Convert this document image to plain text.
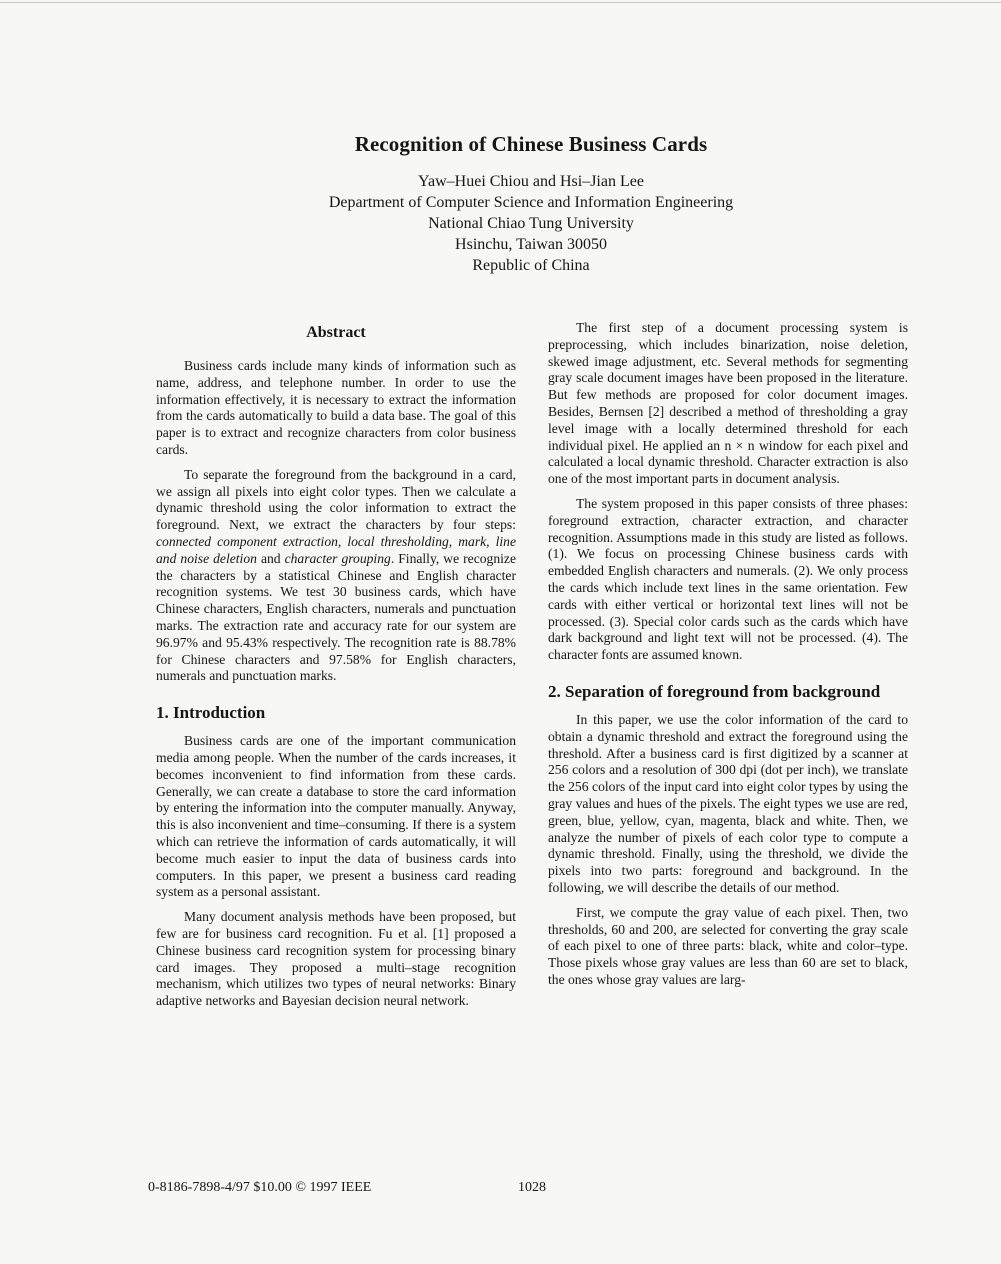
Recognition of Chinese Business Cards
Yaw–Huei Chiou and Hsi–Jian Lee
Department of Computer Science and Information Engineering
National Chiao Tung University
Hsinchu, Taiwan 30050
Republic of China
Abstract

Business cards include many kinds of information such as name, address, and telephone number. In order to use the information effectively, it is necessary to extract the information from the cards automatically to build a data base. The goal of this paper is to extract and recognize characters from color business cards.

To separate the foreground from the background in a card, we assign all pixels into eight color types. Then we calculate a dynamic threshold using the color information to extract the foreground. Next, we extract the characters by four steps: connected component extraction, local thresholding, mark, line and noise deletion and character grouping. Finally, we recognize the characters by a statistical Chinese and English character recognition systems. We test 30 business cards, which have Chinese characters, English characters, numerals and punctuation marks. The extraction rate and accuracy rate for our system are 96.97% and 95.43% respectively. The recognition rate is 88.78% for Chinese characters and 97.58% for English characters, numerals and punctuation marks.

1. Introduction

Business cards are one of the important communication media among people. When the number of the cards increases, it becomes inconvenient to find information from these cards. Generally, we can create a database to store the card information by entering the information into the computer manually. Anyway, this is also inconvenient and time–consuming. If there is a system which can retrieve the information of cards automatically, it will become much easier to input the data of business cards into computers. In this paper, we present a business card reading system as a personal assistant.

Many document analysis methods have been proposed, but few are for business card recognition. Fu et al. [1] proposed a Chinese business card recognition system for processing binary card images. They proposed a multi–stage recognition mechanism, which utilizes two types of neural networks: Binary adaptive networks and Bayesian decision neural network.

The first step of a document processing system is preprocessing, which includes binarization, noise deletion, skewed image adjustment, etc. Several methods for segmenting gray scale document images have been proposed in the literature. But few methods are proposed for color document images. Besides, Bernsen [2] described a method of thresholding a gray level image with a locally determined threshold for each individual pixel. He applied an n × n window for each pixel and calculated a local dynamic threshold. Character extraction is also one of the most important parts in document analysis.

The system proposed in this paper consists of three phases: foreground extraction, character extraction, and character recognition. Assumptions made in this study are listed as follows. (1). We focus on processing Chinese business cards with embedded English characters and numerals. (2). We only process the cards which include text lines in the same orientation. Few cards with either vertical or horizontal text lines will not be processed. (3). Special color cards such as the cards which have dark background and light text will not be processed. (4). The character fonts are assumed known.

2. Separation of foreground from background

In this paper, we use the color information of the card to obtain a dynamic threshold and extract the foreground using the threshold. After a business card is first digitized by a scanner at 256 colors and a resolution of 300 dpi (dot per inch), we translate the 256 colors of the input card into eight color types by using the gray values and hues of the pixels. The eight types we use are red, green, blue, yellow, cyan, magenta, black and white. Then, we analyze the number of pixels of each color type to compute a dynamic threshold. Finally, using the threshold, we divide the pixels into two parts: foreground and background. In the following, we will describe the details of our method.

First, we compute the gray value of each pixel. Then, two thresholds, 60 and 200, are selected for converting the gray scale of each pixel to one of three parts: black, white and color–type. Those pixels whose gray values are less than 60 are set to black, the ones whose gray values are larg-

0-8186-7898-4/97 $10.00 © 1997 IEEE	1028
